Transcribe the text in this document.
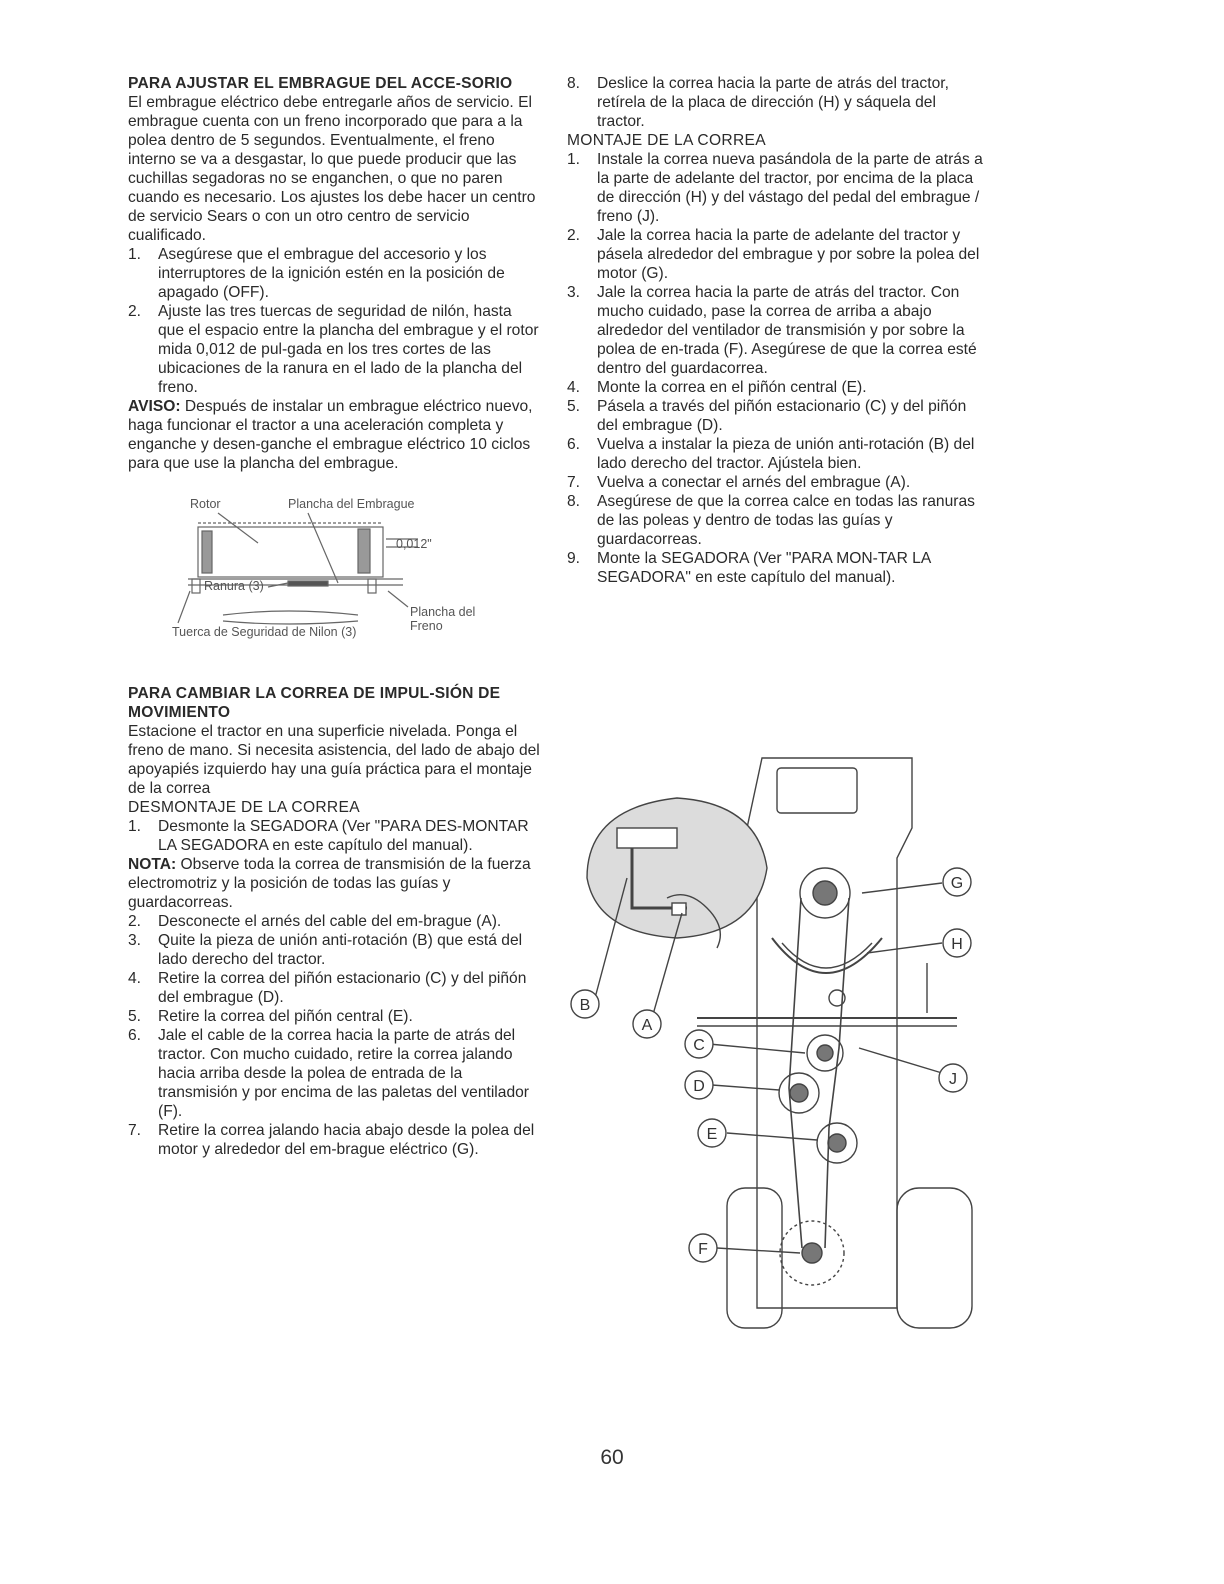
PARA AJUSTAR EL EMBRAGUE DEL ACCE-SORIO

El embrague eléctrico debe entregarle años de servicio. El embrague cuenta con un freno incorporado que para a la polea dentro de 5 segundos. Eventualmente, el freno interno se va a desgastar, lo que puede producir que las cuchillas segadoras no se enganchen, o que no paren cuando es necesario. Los ajustes los debe hacer un centro de servicio Sears o con un otro centro de servicio cualificado.

1. Asegúrese que el embrague del accesorio y los interruptores de la ignición estén en la posición de apagado (OFF).
2. Ajuste las tres tuercas de seguridad de nilón, hasta que el espacio entre la plancha del embrague y el rotor mida 0,012 de pul-gada en los tres cortes de las ubicaciones de la ranura en el lado de la plancha del freno.

AVISO: Después de instalar un embrague eléctrico nuevo, haga funcionar el tractor a una aceleración completa y enganche y desen-ganche el embrague eléctrico 10 ciclos para que use la plancha del embrague.

Rotor	Plancha del Embrague
0,012"
Ranura (3)
Plancha del Freno
Tuerca de Seguridad de Nilon (3)

PARA CAMBIAR LA CORREA DE IMPUL-SIÓN DE MOVIMIENTO

Estacione el tractor en una superficie nivelada. Ponga el freno de mano. Si necesita asistencia, del lado de abajo del apoyapiés izquierdo hay una guía práctica para el montaje de la correa

DESMONTAJE DE LA CORREA

1. Desmonte la SEGADORA (Ver "PARA DES-MONTAR LA SEGADORA en este capítulo del manual).

NOTA: Observe toda la correa de transmisión de la fuerza electromotriz y la posición de todas las guías y guardacorreas.

2. Desconecte el arnés del cable del em-brague (A).
3. Quite la pieza de unión anti-rotación (B) que está del lado derecho del tractor.
4. Retire la correa del piñón estacionario (C) y del piñón del embrague (D).
5. Retire la correa del piñón central (E).
6. Jale el cable de la correa hacia la parte de atrás del tractor. Con mucho cuidado, retire la correa jalando hacia arriba desde la polea de entrada de la transmisión y por encima de las paletas del ventilador (F).
7. Retire la correa jalando hacia abajo desde la polea del motor y alrededor del em-brague eléctrico (G).
8. Deslice la correa hacia la parte de atrás del tractor, retírela de la placa de dirección (H) y sáquela del tractor.

MONTAJE DE LA CORREA

1. Instale la correa nueva pasándola de la parte de atrás a la parte de adelante del tractor, por encima de la placa de dirección (H) y del vástago del pedal del embrague / freno (J).
2. Jale la correa hacia la parte de adelante del tractor y pásela alrededor del embrague y por sobre la polea del motor (G).
3. Jale la correa hacia la parte de atrás del tractor. Con mucho cuidado, pase la correa de arriba a abajo alrededor del ventilador de transmisión y por sobre la polea de en-trada (F). Asegúrese de que la correa esté dentro del guardacorrea.
4. Monte la correa en el piñón central (E).
5. Pásela a través del piñón estacionario (C) y del piñón del embrague (D).
6. Vuelva a instalar la pieza de unión anti-rotación (B) del lado derecho del tractor. Ajústela bien.
7. Vuelva a conectar el arnés del embrague (A).
8. Asegúrese de que la correa calce en todas las ranuras de las poleas y dentro de todas las guías y guardacorreas.
9. Monte la SEGADORA (Ver "PARA MON-TAR LA SEGADORA" en este capítulo del manual).
G
H
B
A
C
J
D
E
F
60
